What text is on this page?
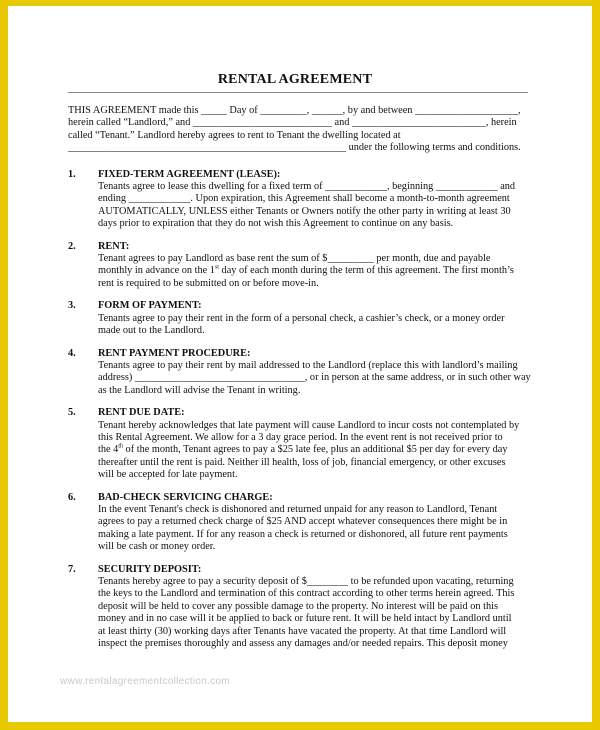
RENTAL AGREEMENT

THIS AGREEMENT made this _____ Day of _________, ______, by and between ____________________,

herein called “Landlord,” and ___________________________ and __________________________, herein

called “Tenant.” Landlord hereby agrees to rent to Tenant the dwelling located at

______________________________________________________ under the following terms and conditions.

1.	FIXED-TERM AGREEMENT (LEASE):

Tenants agree to lease this dwelling for a fixed term of ____________, beginning ____________ and
ending ____________. Upon expiration, this Agreement shall become a month-to-month agreement
AUTOMATICALLY, UNLESS either Tenants or Owners notify the other party in writing at least 30
days prior to expiration that they do not wish this Agreement to continue on any basis.

2.	RENT:

Tenant agrees to pay Landlord as base rent the sum of $_________ per month, due and payable
monthly in advance on the 1st day of each month during the term of this agreement. The first month’s
rent is required to be submitted on or before move-in.

3.	FORM OF PAYMENT:

Tenants agree to pay their rent in the form of a personal check, a cashier’s check, or a money order
made out to the Landlord.

4.	RENT PAYMENT PROCEDURE:

Tenants agree to pay their rent by mail addressed to the Landlord (replace this with landlord’s mailing
address) _________________________________, or in person at the same address, or in such other way
as the Landlord will advise the Tenant in writing.

5.	RENT DUE DATE:

Tenant hereby acknowledges that late payment will cause Landlord to incur costs not contemplated by
this Rental Agreement. We allow for a 3 day grace period. In the event rent is not received prior to
the 4th of the month, Tenant agrees to pay a $25 late fee, plus an additional $5 per day for every day
thereafter until the rent is paid. Neither ill health, loss of job, financial emergency, or other excuses
will be accepted for late payment.

6.	BAD-CHECK SERVICING CHARGE:

In the event Tenant's check is dishonored and returned unpaid for any reason to Landlord, Tenant
agrees to pay a returned check charge of $25 AND accept whatever consequences there might be in
making a late payment. If for any reason a check is returned or dishonored, all future rent payments
will be cash or money order.

7.	SECURITY DEPOSIT:

Tenants hereby agree to pay a security deposit of $________ to be refunded upon vacating, returning
the keys to the Landlord and termination of this contract according to other terms herein agreed. This
deposit will be held to cover any possible damage to the property. No interest will be paid on this
money and in no case will it be applied to back or future rent. It will be held intact by Landlord until
at least thirty (30) working days after Tenants have vacated the property. At that time Landlord will
inspect the premises thoroughly and assess any damages and/or needed repairs. This deposit money

www.rentalagreementcollection.com
